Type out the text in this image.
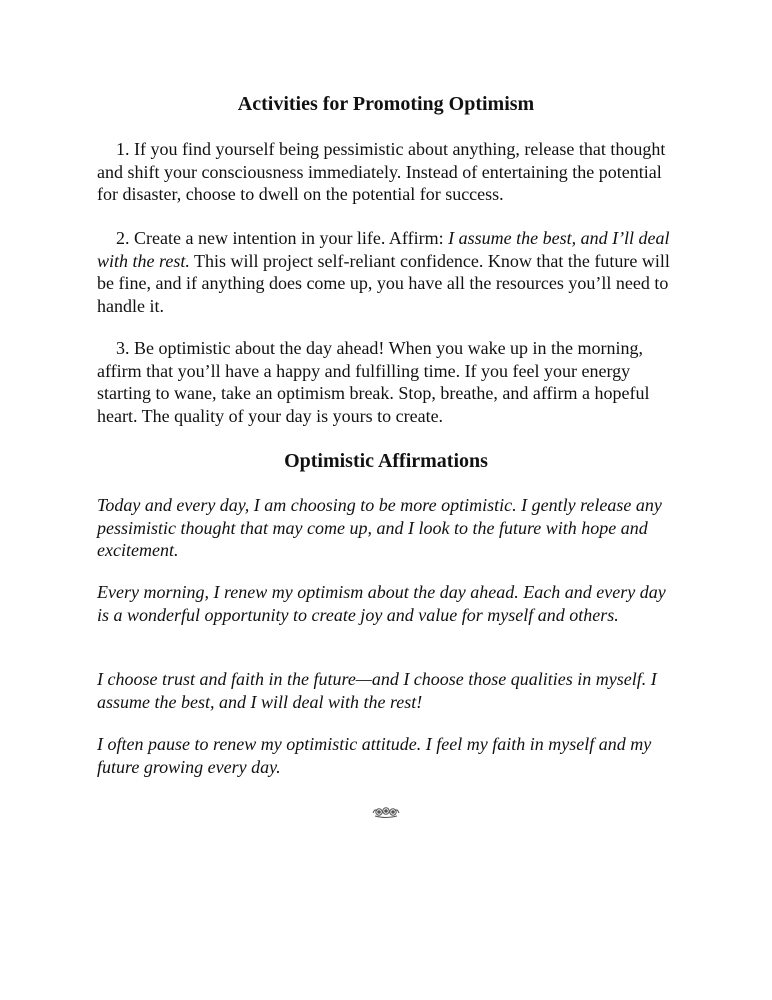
Activities for Promoting Optimism

1. If you find yourself being pessimistic about anything, release that thought and shift your consciousness immediately. Instead of entertaining the potential for disaster, choose to dwell on the potential for success.

2. Create a new intention in your life. Affirm: I assume the best, and I’ll deal with the rest. This will project self-reliant confidence. Know that the future will be fine, and if anything does come up, you have all the resources you’ll need to handle it.

3. Be optimistic about the day ahead! When you wake up in the morning, affirm that you’ll have a happy and fulfilling time. If you feel your energy starting to wane, take an optimism break. Stop, breathe, and affirm a hopeful heart. The quality of your day is yours to create.

Optimistic Affirmations

Today and every day, I am choosing to be more optimistic. I gently release any pessimistic thought that may come up, and I look to the future with hope and excitement.

Every morning, I renew my optimism about the day ahead. Each and every day is a wonderful opportunity to create joy and value for myself and others.

I choose trust and faith in the future—and I choose those qualities in myself. I assume the best, and I will deal with the rest!

I often pause to renew my optimistic attitude. I feel my faith in myself and my future growing every day.
